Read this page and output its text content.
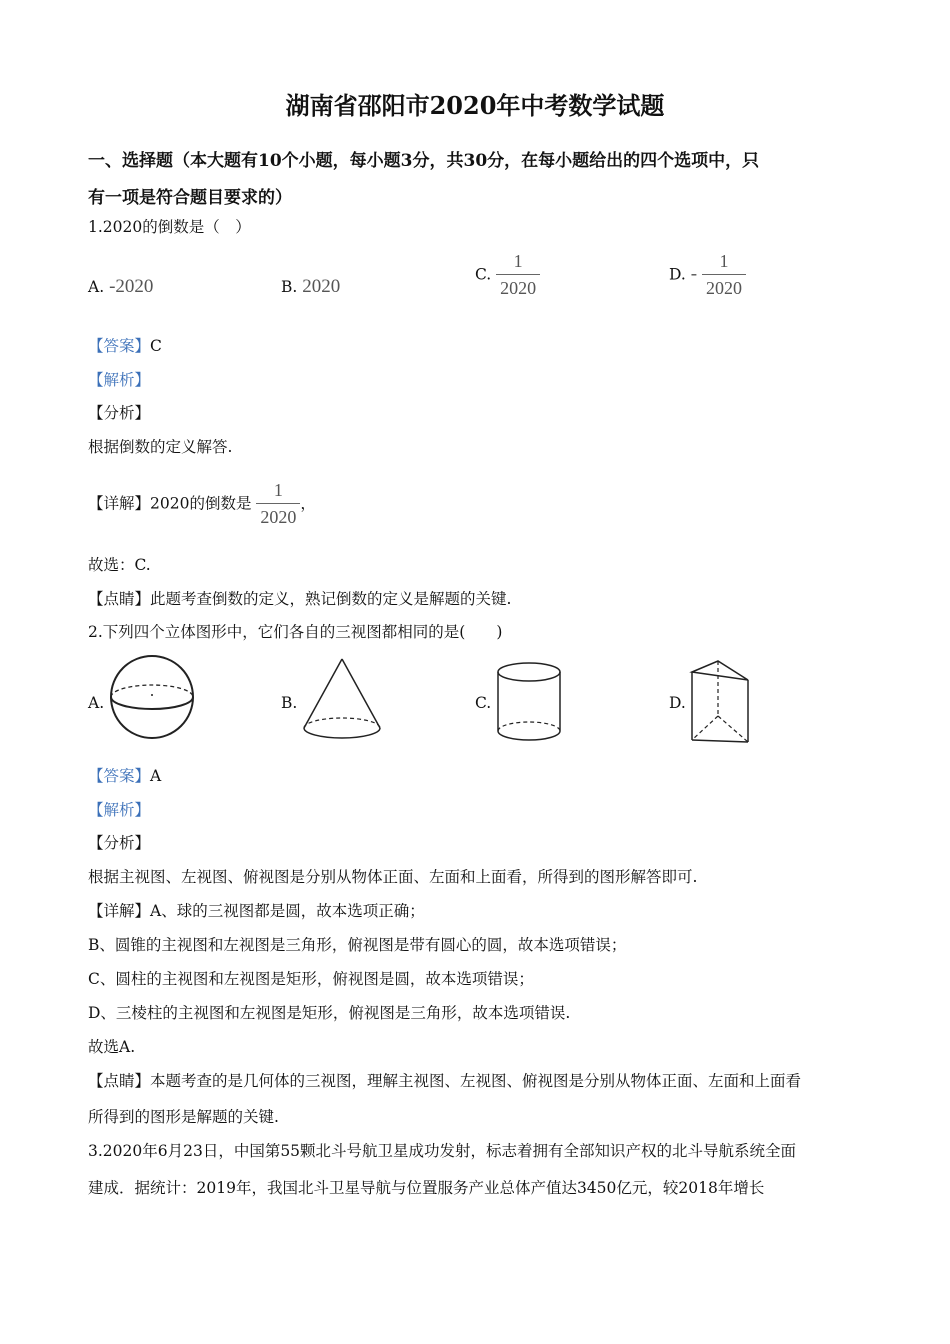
湖南省邵阳市2020年中考数学试题
一、选择题（本大题有10个小题，每小题3分，共30分，在每小题给出的四个选项中，只
有一项是符合题目要求的）
1.2020的倒数是（　）
A. -2020	B. 2020
C. $\frac{1}{2020}$	D. - $\frac{1}{2020}$
【答案】C
【解析】
【分析】
根据倒数的定义解答.
【详解】2020的倒数是 $\frac{1}{2020}$ ，
故选：C.
【点睛】此题考查倒数的定义，熟记倒数的定义是解题的关键.
2.下列四个立体图形中，它们各自的三视图都相同的是(　　)
A.	B.	C.	D.
【答案】A
【解析】
【分析】
根据主视图、左视图、俯视图是分别从物体正面、左面和上面看，所得到的图形解答即可.
【详解】A、球的三视图都是圆，故本选项正确；
B、圆锥的主视图和左视图是三角形，俯视图是带有圆心的圆，故本选项错误；
C、圆柱的主视图和左视图是矩形，俯视图是圆，故本选项错误；
D、三棱柱的主视图和左视图是矩形，俯视图是三角形，故本选项错误.
故选A.
【点睛】本题考查的是几何体的三视图，理解主视图、左视图、俯视图是分别从物体正面、左面和上面看
所得到的图形是解题的关键.
3.2020年6月23日，中国第55颗北斗号航卫星成功发射，标志着拥有全部知识产权的北斗导航系统全面
建成．据统计：2019年，我国北斗卫星导航与位置服务产业总体产值达3450亿元，较2018年增长
